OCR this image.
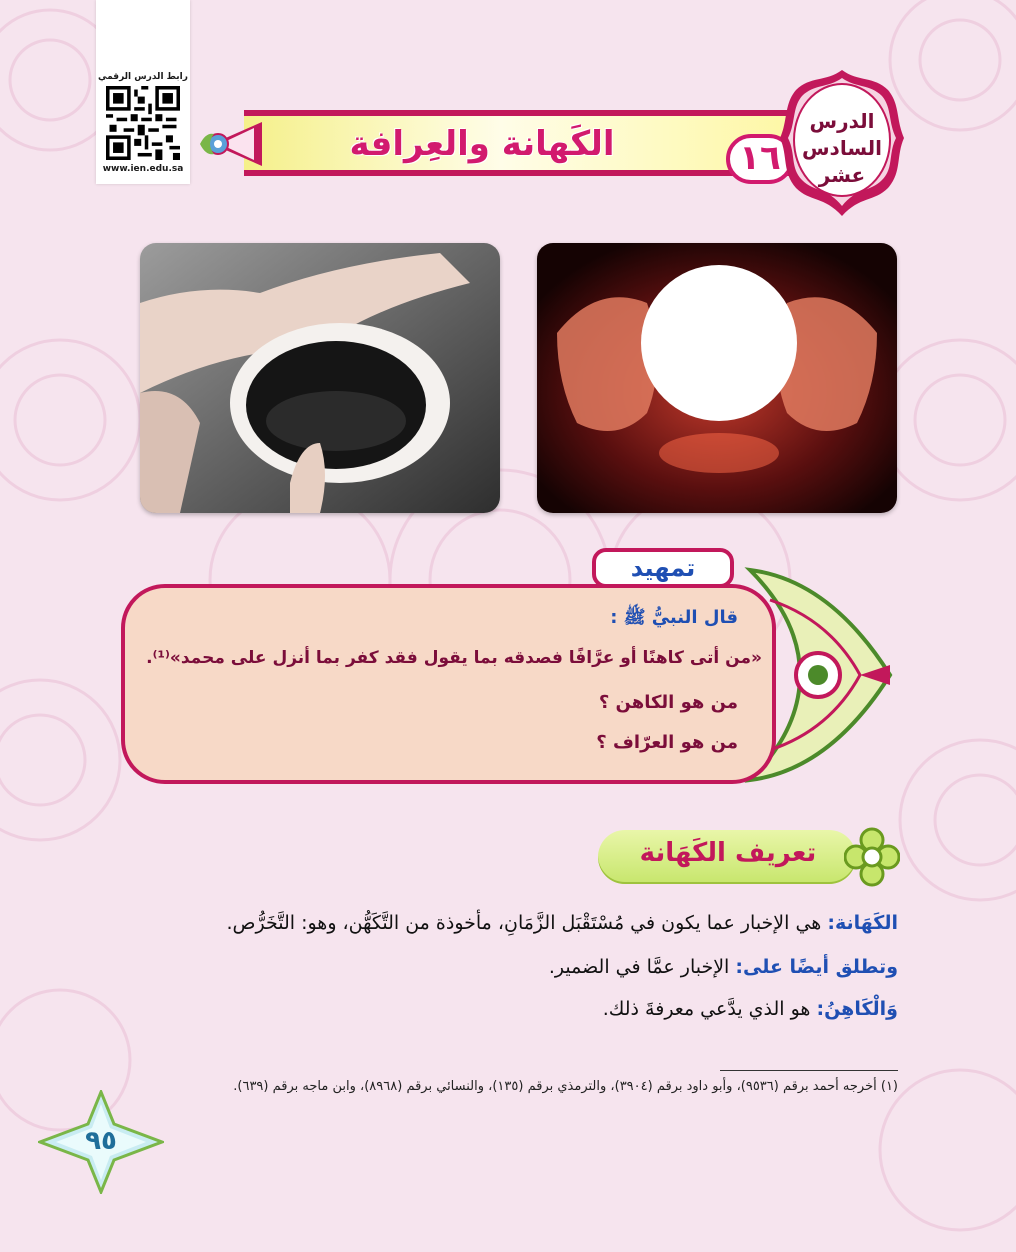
رابط الدرس الرقمي
www.ien.edu.sa
الكَهانة والعِرافة	١٦
الدرس
السادس
عشر
تمهيد
قال النبيُّ ﷺ :
«من أتى كاهنًا أو عرَّافًا فصدقه بما يقول فقد كفر بما أنزل على محمد»⁽¹⁾.
من هو الكاهن ؟
من هو العرّاف ؟
تعريف الكَهَانة
الكَهَانة: هي الإخبار عما يكون في مُسْتَقْبَل الزَّمَانِ، مأخوذة من التَّكَهُّن، وهو: التَّخَرُّص.
وتطلق أيضًا على: الإخبار عمَّا في الضمير.
وَالْكَاهِنُ: هو الذي يدَّعي معرفةَ ذلك.
(١) أخرجه أحمد برقم (٩٥٣٦)، وأبو داود برقم (٣٩٠٤)، والترمذي برقم (١٣٥)، والنسائي برقم (٨٩٦٨)، وابن ماجه برقم (٦٣٩).
٩٥
